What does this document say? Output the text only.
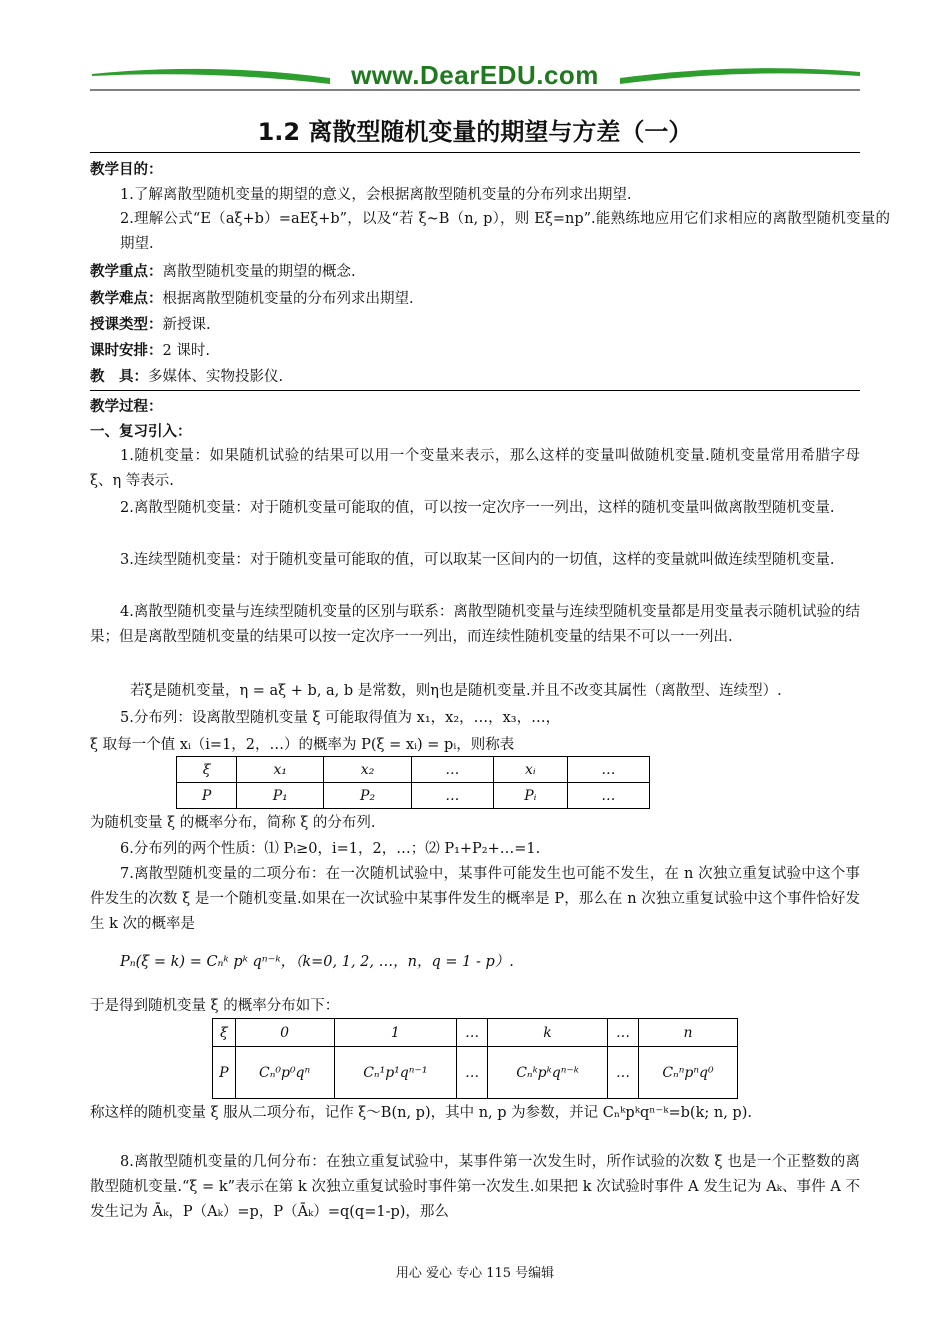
www.DearEDU.com
1.2 离散型随机变量的期望与方差（一）
教学目的：
1.了解离散型随机变量的期望的意义，会根据离散型随机变量的分布列求出期望.
2.理解公式“E（aξ+b）=aEξ+b”，以及“若 ξ~B（n, p），则 Eξ=np”.能熟练地应用它们求相应的离散型随机变量的期望.
教学重点：离散型随机变量的期望的概念.
教学难点：根据离散型随机变量的分布列求出期望.
授课类型：新授课.
课时安排：2 课时.
教　具：多媒体、实物投影仪.
教学过程：
一、复习引入：
1.随机变量：如果随机试验的结果可以用一个变量来表示，那么这样的变量叫做随机变量.随机变量常用希腊字母 ξ、η 等表示.
2.离散型随机变量：对于随机变量可能取的值，可以按一定次序一一列出，这样的随机变量叫做离散型随机变量.
3.连续型随机变量：对于随机变量可能取的值，可以取某一区间内的一切值，这样的变量就叫做连续型随机变量.
4.离散型随机变量与连续型随机变量的区别与联系：离散型随机变量与连续型随机变量都是用变量表示随机试验的结果；但是离散型随机变量的结果可以按一定次序一一列出，而连续性随机变量的结果不可以一一列出.
若ξ是随机变量，η = aξ + b, a, b 是常数，则η也是随机变量.并且不改变其属性（离散型、连续型）.
5.分布列：设离散型随机变量 ξ 可能取得值为 x₁，x₂，…，x₃，…，
ξ 取每一个值 xᵢ（i=1，2，…）的概率为 P(ξ = xᵢ) = pᵢ，则称表
ξ	x₁	x₂	…	xᵢ	…
P	P₁	P₂	…	Pᵢ	…
为随机变量 ξ 的概率分布，简称 ξ 的分布列.
6.分布列的两个性质：⑴ Pᵢ≥0，i=1，2，…；⑵ P₁+P₂+…=1.
7.离散型随机变量的二项分布：在一次随机试验中，某事件可能发生也可能不发生，在 n 次独立重复试验中这个事件发生的次数 ξ 是一个随机变量.如果在一次试验中某事件发生的概率是 P，那么在 n 次独立重复试验中这个事件恰好发生 k 次的概率是
Pₙ(ξ = k) = Cₙᵏ pᵏ qⁿ⁻ᵏ，（k=0, 1, 2, …，n，q = 1 - p）.
于是得到随机变量 ξ 的概率分布如下：
ξ	0	1	…	k	…	n
P	Cₙ⁰p⁰qⁿ	Cₙ¹p¹qⁿ⁻¹	…	Cₙᵏpᵏqⁿ⁻ᵏ	…	Cₙⁿpⁿq⁰
称这样的随机变量 ξ 服从二项分布，记作 ξ～B(n, p)，其中 n, p 为参数，并记 Cₙᵏpᵏqⁿ⁻ᵏ=b(k; n, p).
8.离散型随机变量的几何分布：在独立重复试验中，某事件第一次发生时，所作试验的次数 ξ 也是一个正整数的离散型随机变量.“ξ = k”表示在第 k 次独立重复试验时事件第一次发生.如果把 k 次试验时事件 A 发生记为 Aₖ、事件 A 不发生记为 Āₖ，P（Aₖ）=p，P（Āₖ）=q(q=1-p)，那么
用心 爱心 专心 115 号编辑
